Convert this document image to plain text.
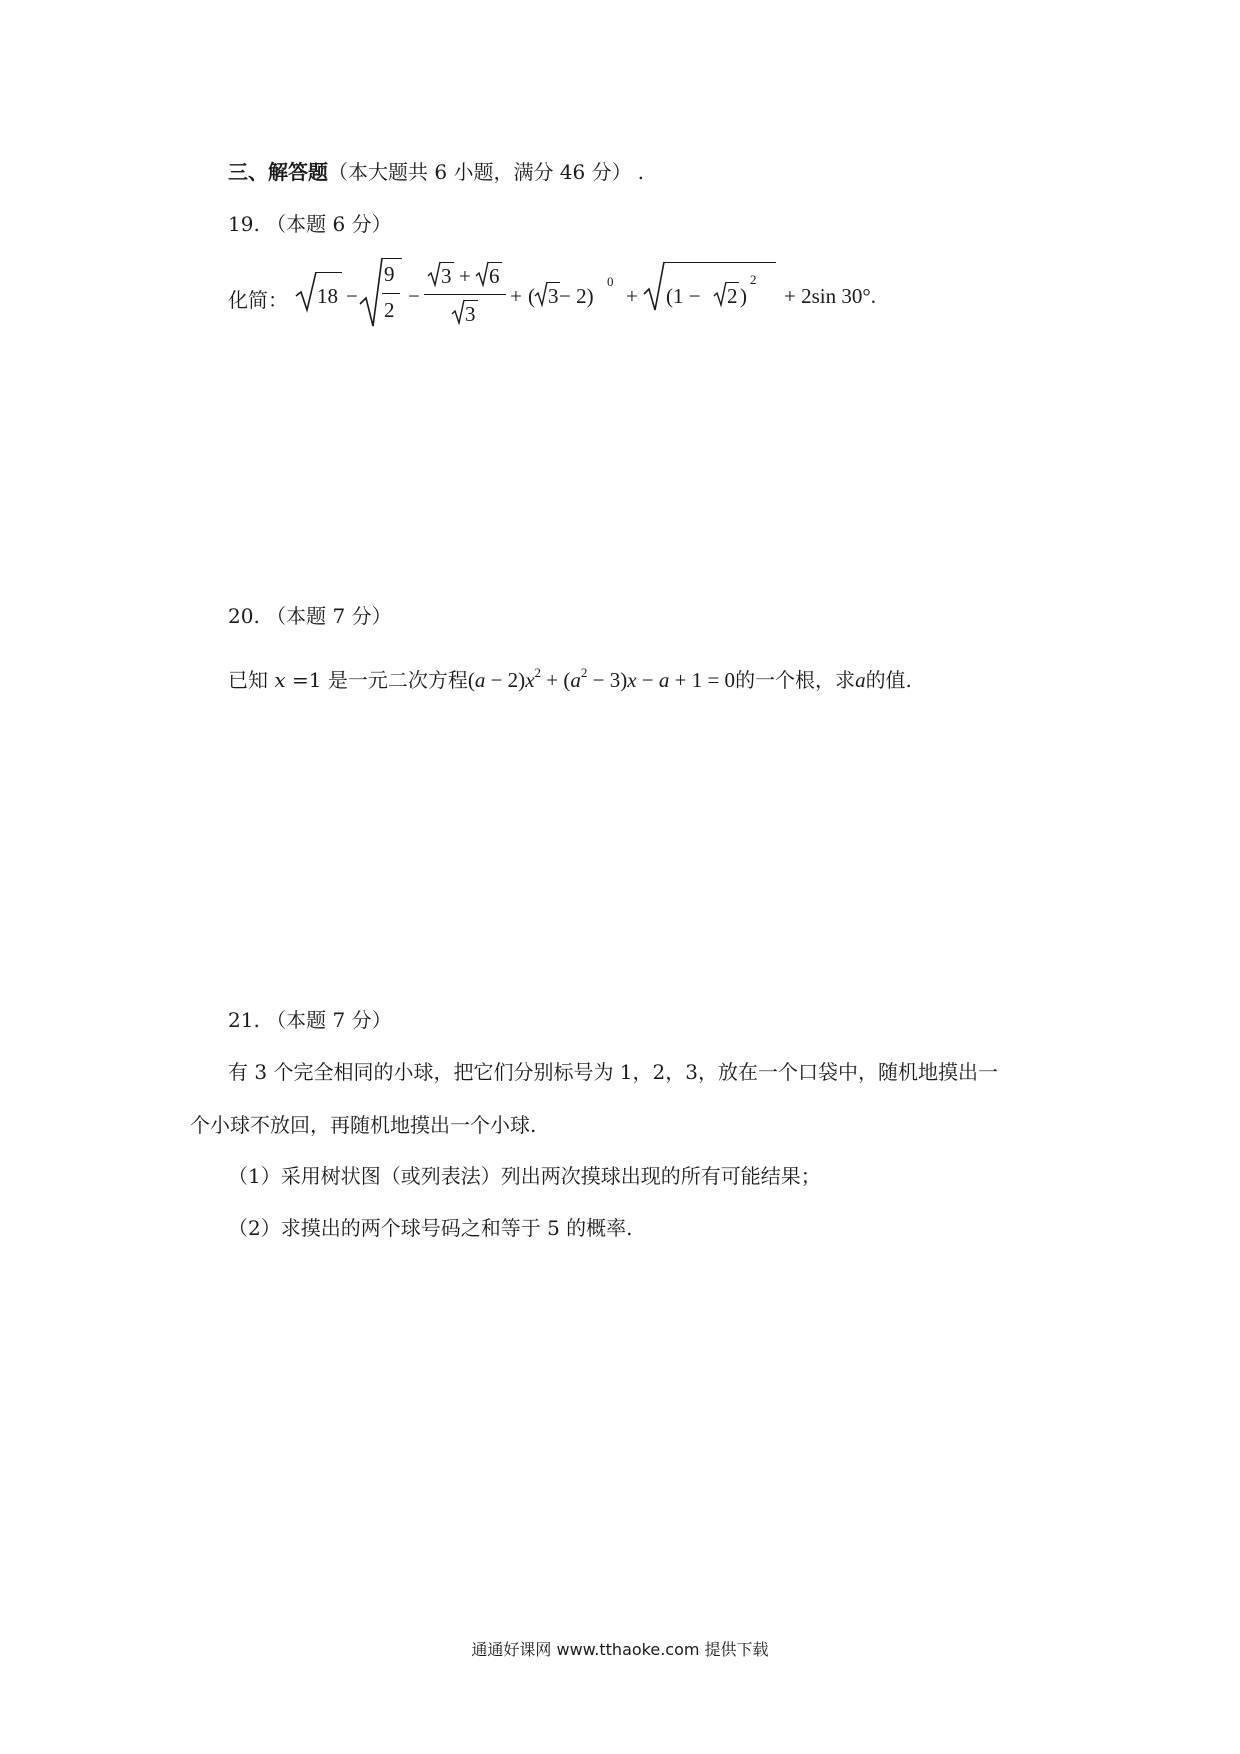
三、解答题（本大题共 6 小题，满分 46 分） .
19. （本题 6 分）
化简： 18 −
9
2
−
3 + 6
3
+ ( 3 − 2)
0
+ (1 − 2 )
2
+ 2sin 30°.
20. （本题 7 分）
已知 x =1 是一元二次方程$(a - 2)x^2 + (a^2 - 3)x - a + 1 = 0$的一个根，求a的值.
21. （本题 7 分）
有 3 个完全相同的小球，把它们分别标号为 1，2，3，放在一个口袋中，随机地摸出一
个小球不放回，再随机地摸出一个小球.
（1）采用树状图（或列表法）列出两次摸球出现的所有可能结果；
（2）求摸出的两个球号码之和等于 5 的概率.
通通好课网 www.tthaoke.com 提供下载
